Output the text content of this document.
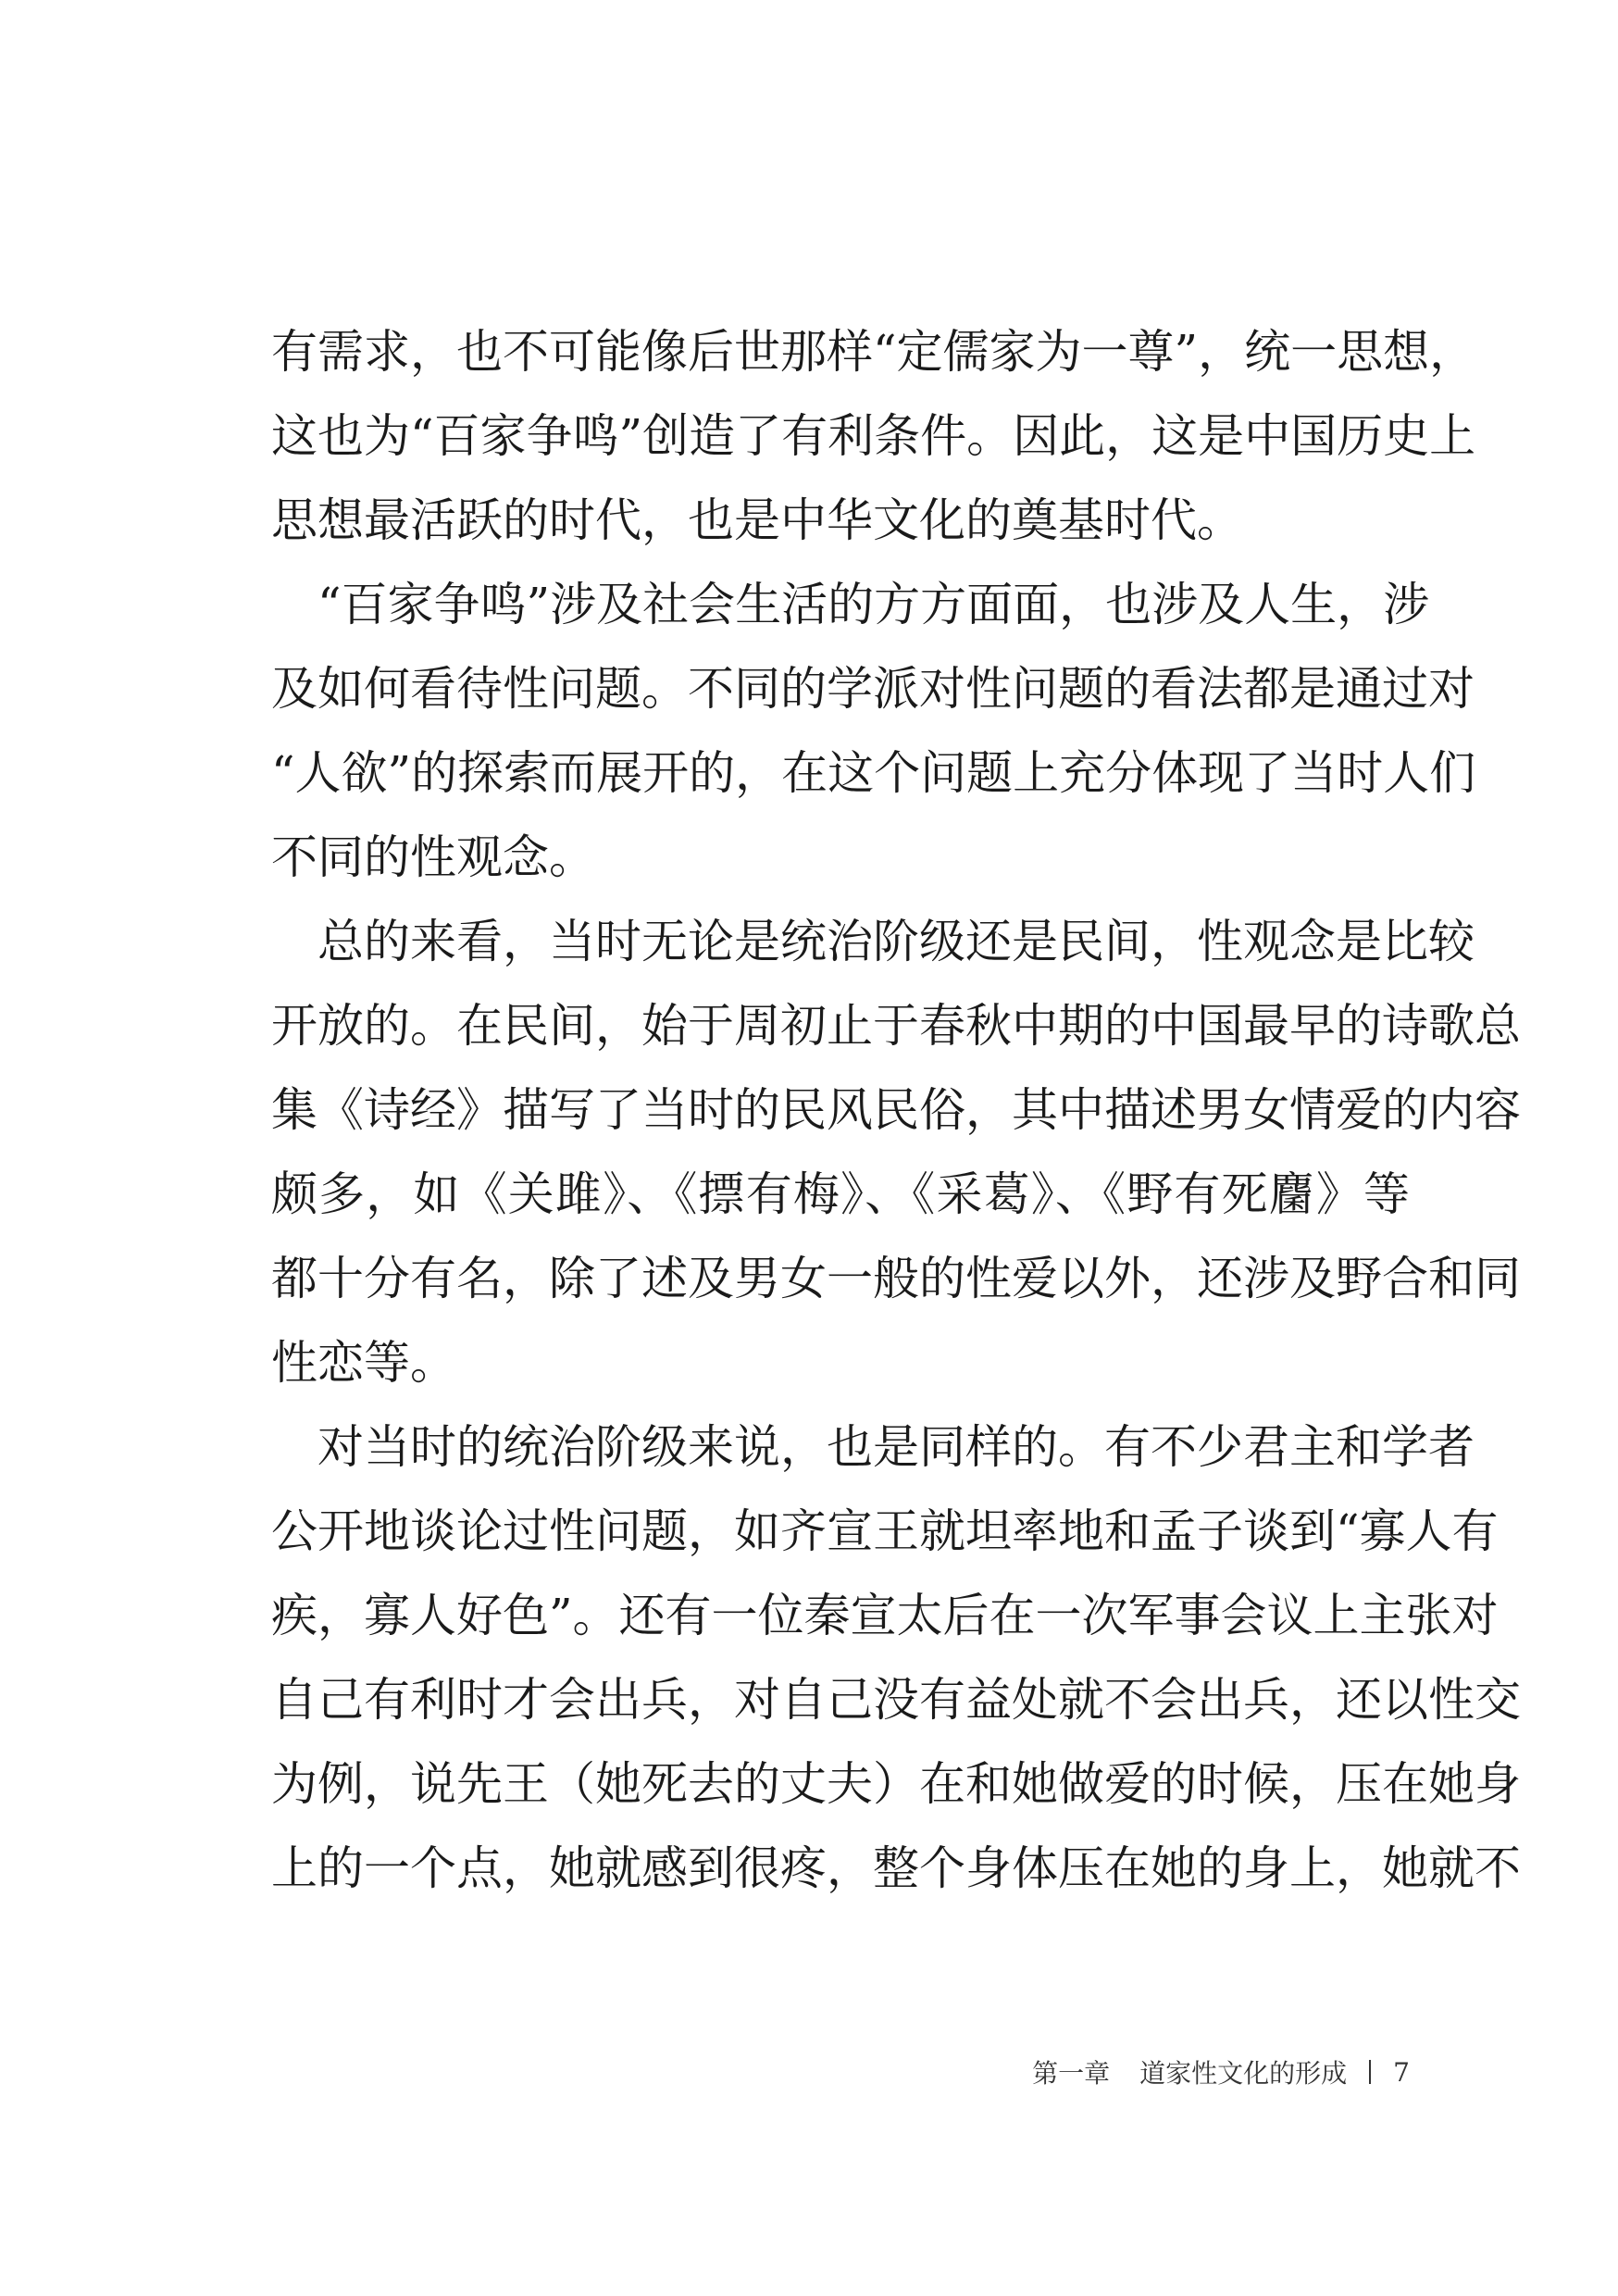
有需求，也不可能像后世那样“定儒家为一尊”，统一思想，
这也为“百家争鸣”创造了有利条件。因此，这是中国历史上
思想最活跃的时代，也是中华文化的奠基时代。
　“百家争鸣”涉及社会生活的方方面面，也涉及人生，涉
及如何看待性问题。不同的学派对性问题的看法都是通过对
“人欲”的探索而展开的，在这个问题上充分体现了当时人们
不同的性观念。
　总的来看，当时无论是统治阶级还是民间，性观念是比较
开放的。在民间，始于周初止于春秋中期的中国最早的诗歌总
集《诗经》描写了当时的民风民俗，其中描述男女情爱的内容
颇多，如《关雎》、《摽有梅》、《采葛》、《野有死麕》等
都十分有名，除了述及男女一般的性爱以外，还涉及野合和同
性恋等。
　对当时的统治阶级来说，也是同样的。有不少君主和学者
公开地谈论过性问题，如齐宣王就坦率地和孟子谈到“寡人有
疾，寡人好色”。还有一位秦宣太后在一次军事会议上主张对
自己有利时才会出兵，对自己没有益处就不会出兵，还以性交
为例，说先王（她死去的丈夫）在和她做爱的时候，压在她身
上的一个点，她就感到很疼，整个身体压在她的身上，她就不
第一章 道家性文化的形成 7
